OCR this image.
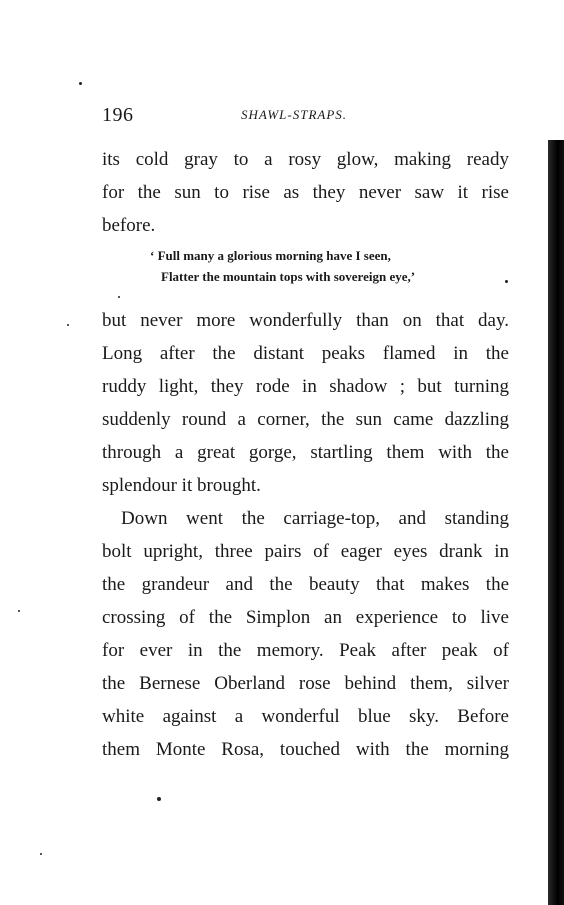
196	SHAWL-STRAPS.
its cold gray to a rosy glow, making ready
for the sun to rise as they never saw it rise
before.
‘ Full many a glorious morning have I seen,
Flatter the mountain tops with sovereign eye,’
but never more wonderfully than on that day.
Long after the distant peaks flamed in the
ruddy light, they rode in shadow ; but turning
suddenly round a corner, the sun came dazzling
through a great gorge, startling them with the
splendour it brought.
Down went the carriage-top, and standing
bolt upright, three pairs of eager eyes drank in
the grandeur and the beauty that makes the
crossing of the Simplon an experience to live
for ever in the memory. Peak after peak of
the Bernese Oberland rose behind them, silver
white against a wonderful blue sky. Before
them Monte Rosa, touched with the morning
